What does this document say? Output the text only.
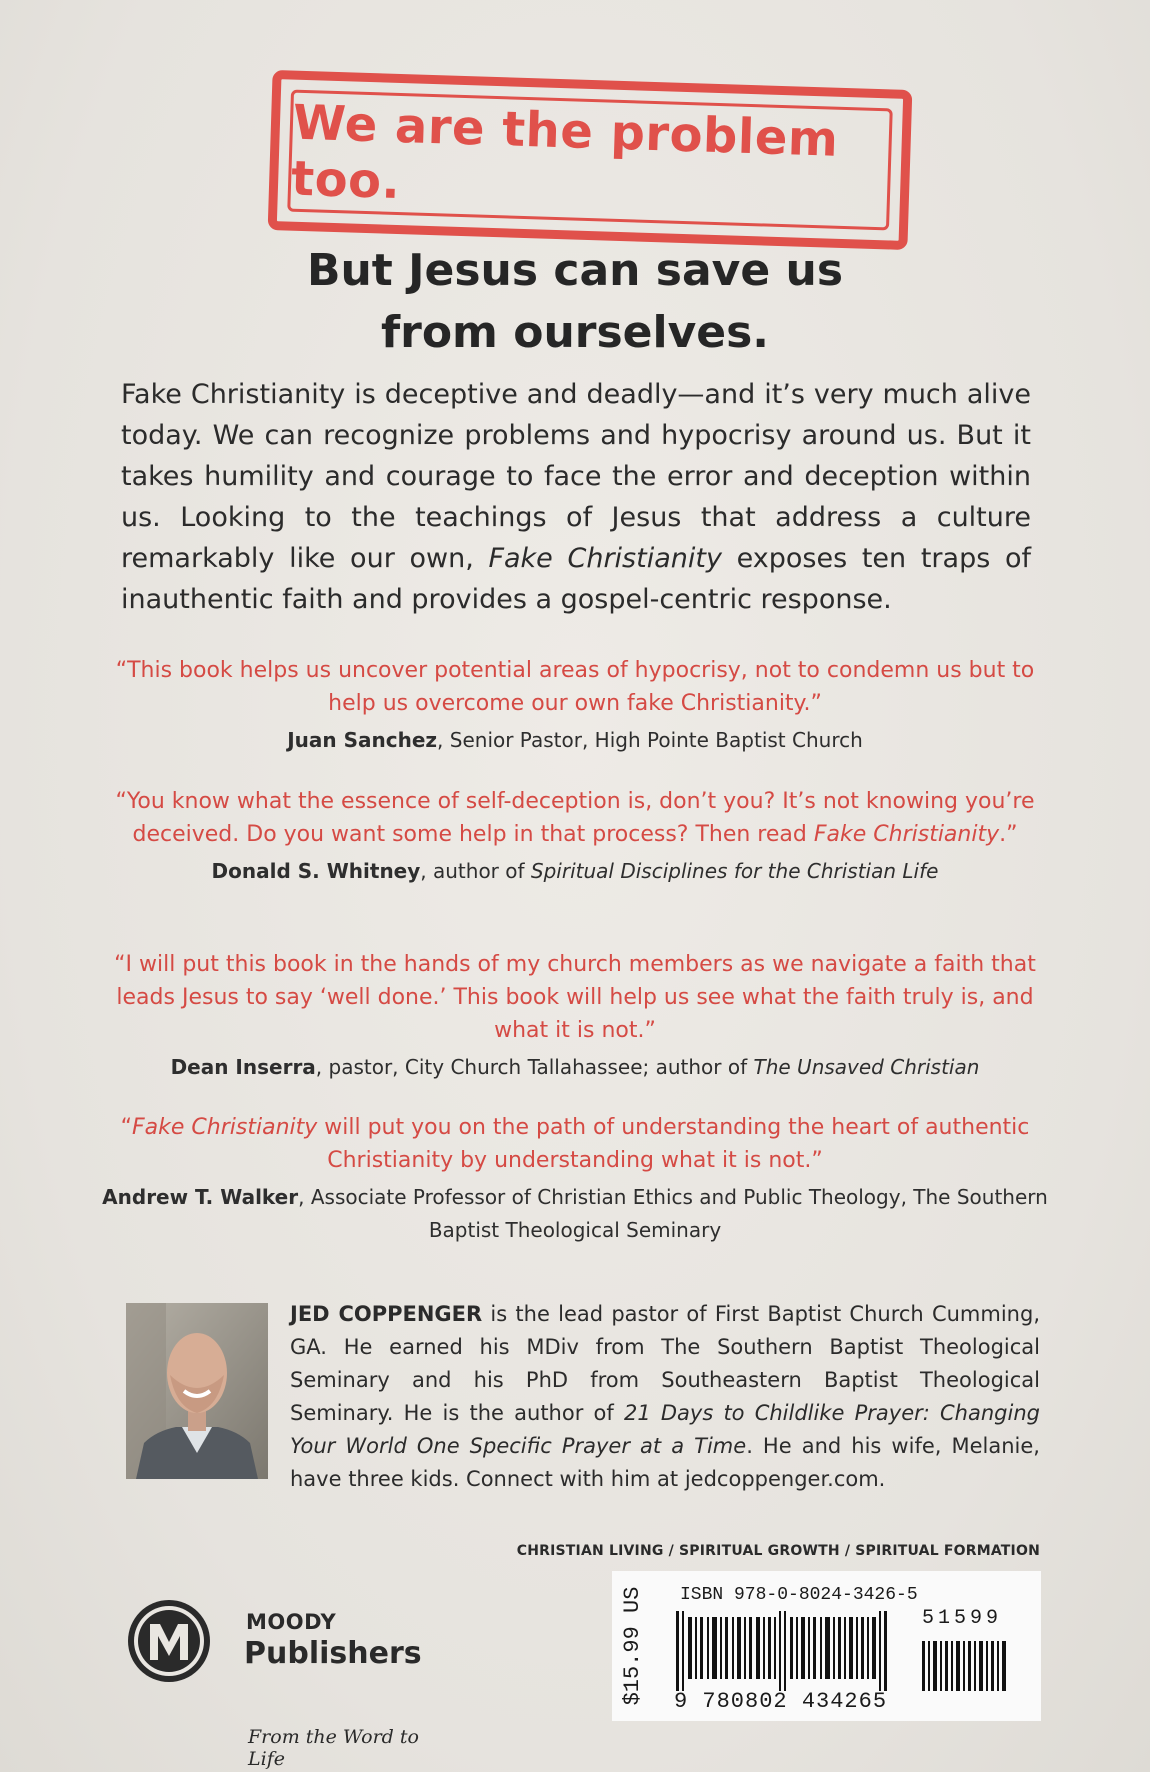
We are the problem too.
But Jesus can save us
from ourselves.
Fake Christianity is deceptive and deadly—and it’s very much alive today. We can recognize problems and hypocrisy around us. But it takes humility and courage to face the error and deception within us. Looking to the teachings of Jesus that address a culture remarkably like our own, Fake Christianity exposes ten traps of inauthentic faith and provides a gospel-centric response.
“This book helps us uncover potential areas of hypocrisy, not to condemn us but to help us overcome our own fake Christianity.”
Juan Sanchez, Senior Pastor, High Pointe Baptist Church
“You know what the essence of self-deception is, don’t you? It’s not knowing you’re deceived. Do you want some help in that process? Then read Fake Christianity.”
Donald S. Whitney, author of Spiritual Disciplines for the Christian Life
“I will put this book in the hands of my church members as we navigate a faith that leads Jesus to say ‘well done.’ This book will help us see what the faith truly is, and what it is not.”
Dean Inserra, pastor, City Church Tallahassee; author of The Unsaved Christian
“Fake Christianity will put you on the path of understanding the heart of authentic Christianity by understanding what it is not.”
Andrew T. Walker, Associate Professor of Christian Ethics and Public Theology, The Southern Baptist Theological Seminary
JED COPPENGER is the lead pastor of First Baptist Church Cumming, GA. He earned his MDiv from The Southern Baptist Theological Seminary and his PhD from Southeastern Baptist Theological Seminary. He is the author of 21 Days to Childlike Prayer: Changing Your World One Specific Prayer at a Time. He and his wife, Melanie, have three kids. Connect with him at jedcoppenger.com.
CHRISTIAN LIVING / SPIRITUAL GROWTH / SPIRITUAL FORMATION
MOODY
Publishers
From the Word to Life
$15.99 US ISBN 978-0-8024-3426-5
51599
9 780802 434265
